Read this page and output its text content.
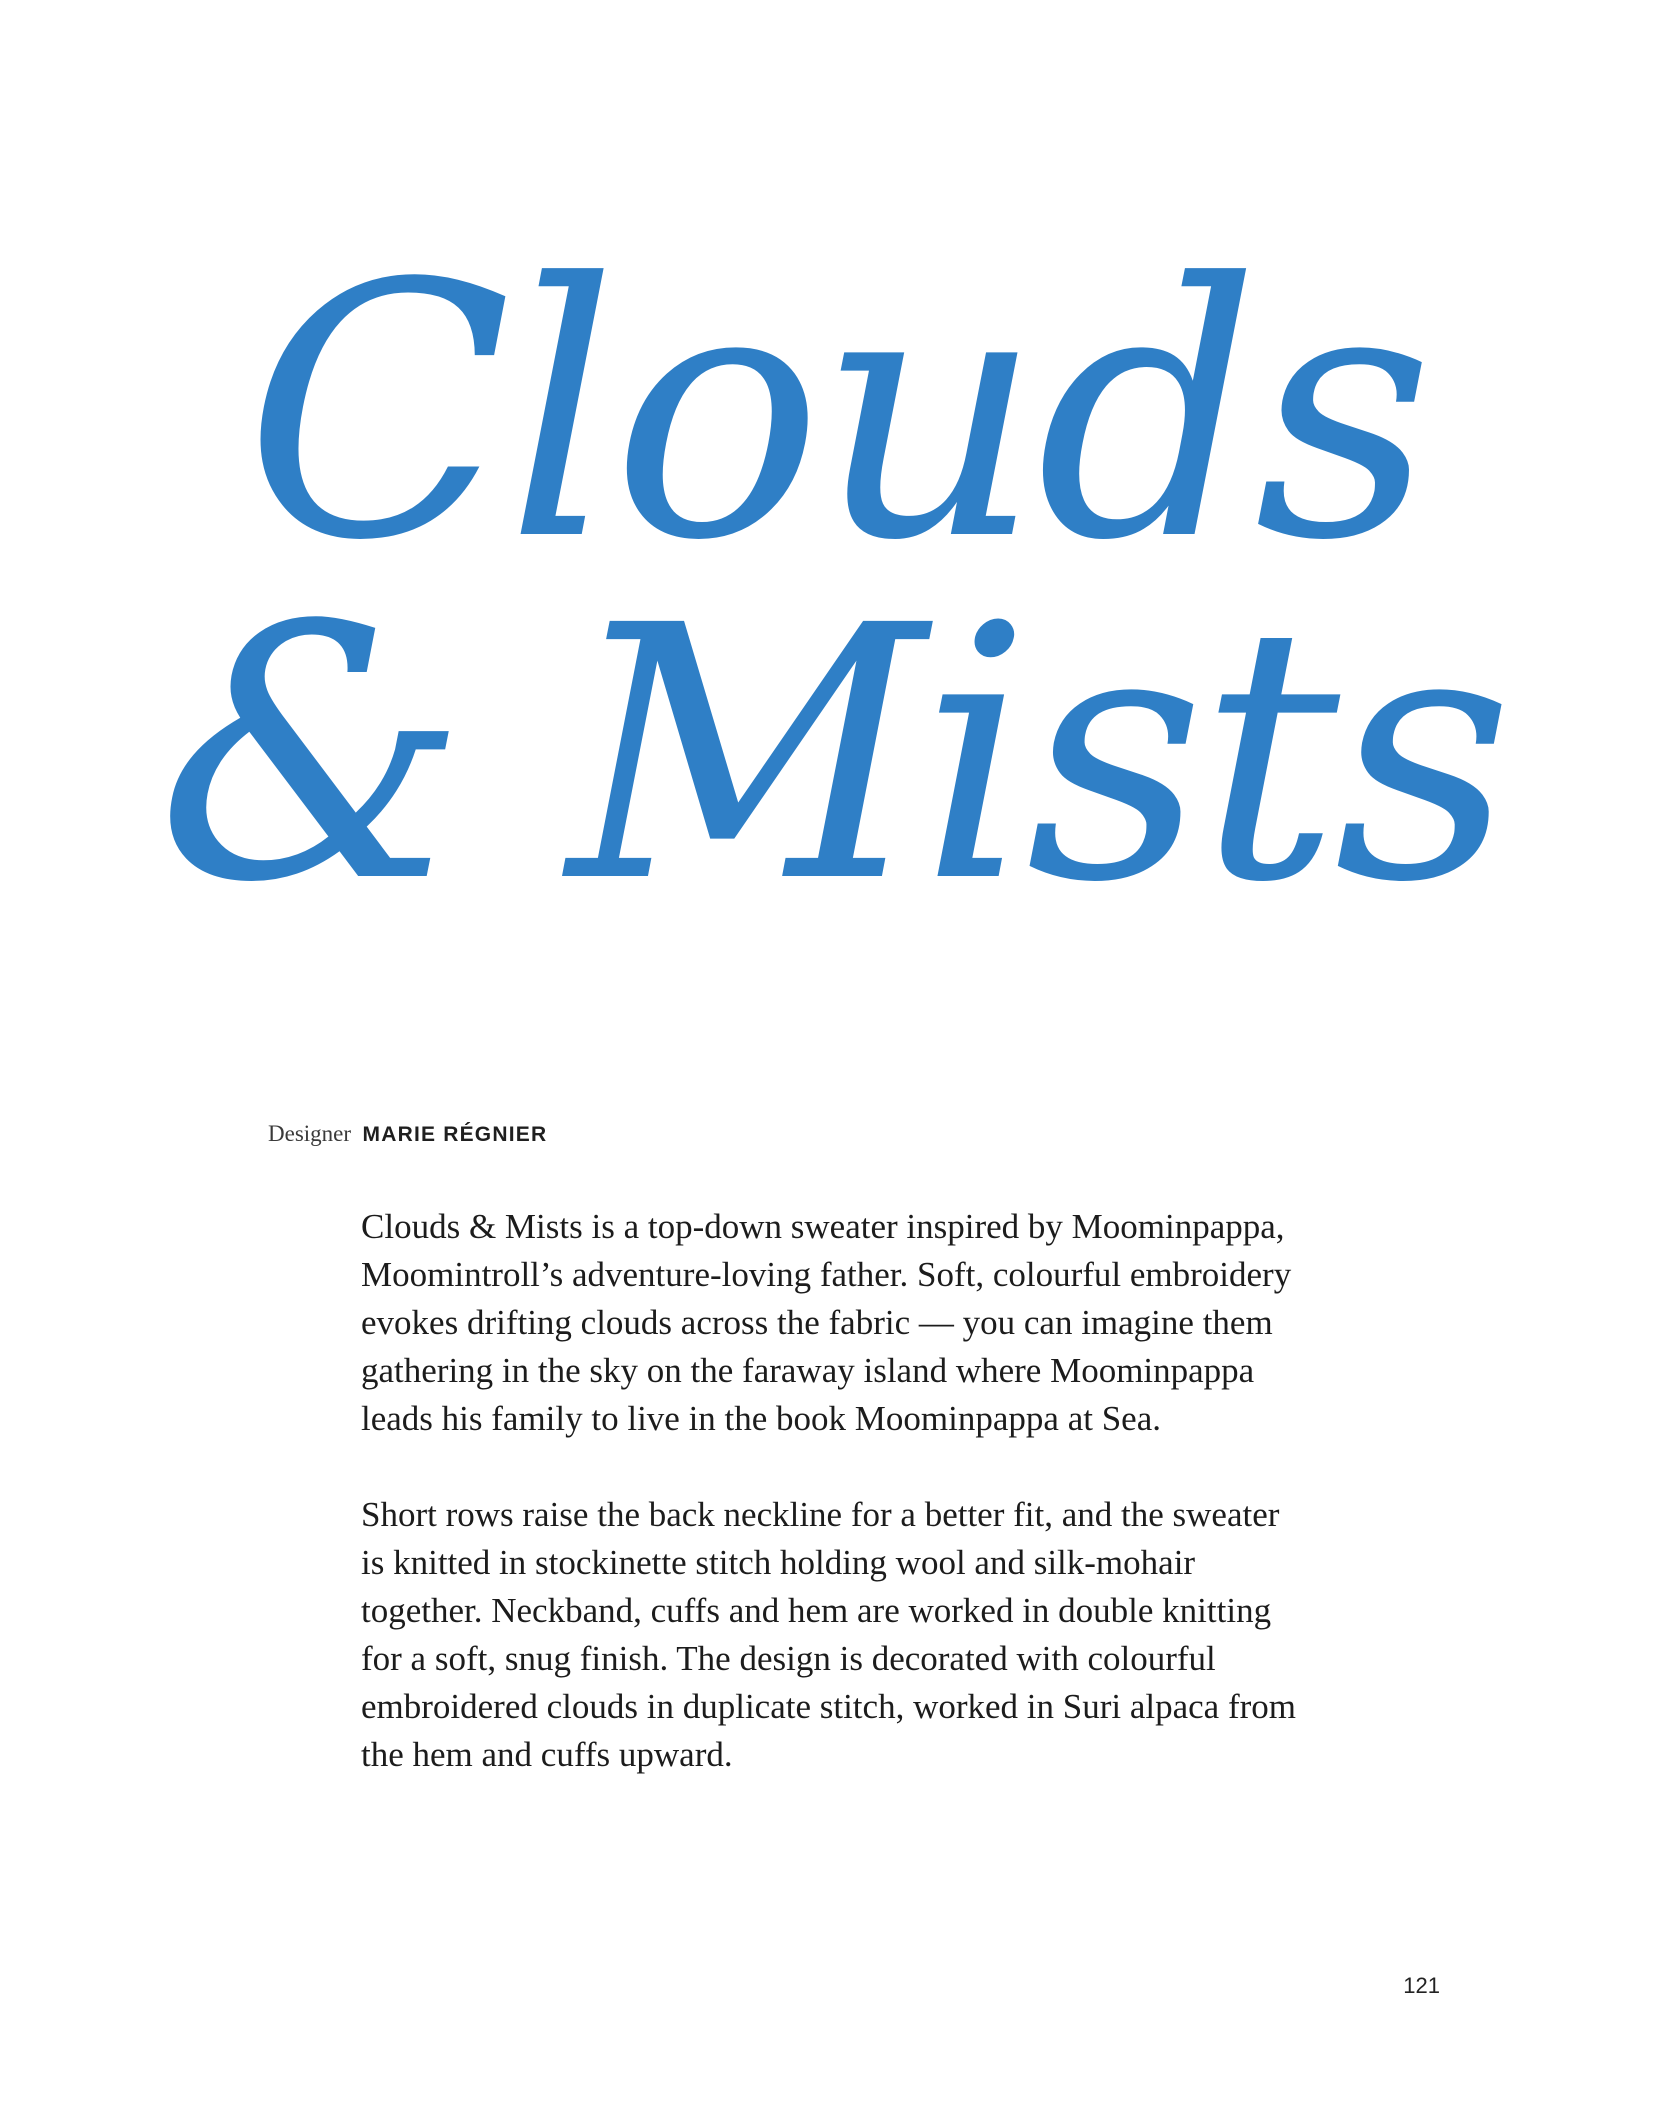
Clouds
& Mists
Designer MARIE RÉGNIER

Clouds & Mists is a top-down sweater inspired by Moominpappa,
Moomintroll’s adventure-loving father. Soft, colourful embroidery
evokes drifting clouds across the fabric — you can imagine them
gathering in the sky on the faraway island where Moominpappa
leads his family to live in the book Moominpappa at Sea.

Short rows raise the back neckline for a better fit, and the sweater
is knitted in stockinette stitch holding wool and silk-mohair
together. Neckband, cuffs and hem are worked in double knitting
for a soft, snug finish. The design is decorated with colourful
embroidered clouds in duplicate stitch, worked in Suri alpaca from
the hem and cuffs upward.

121
